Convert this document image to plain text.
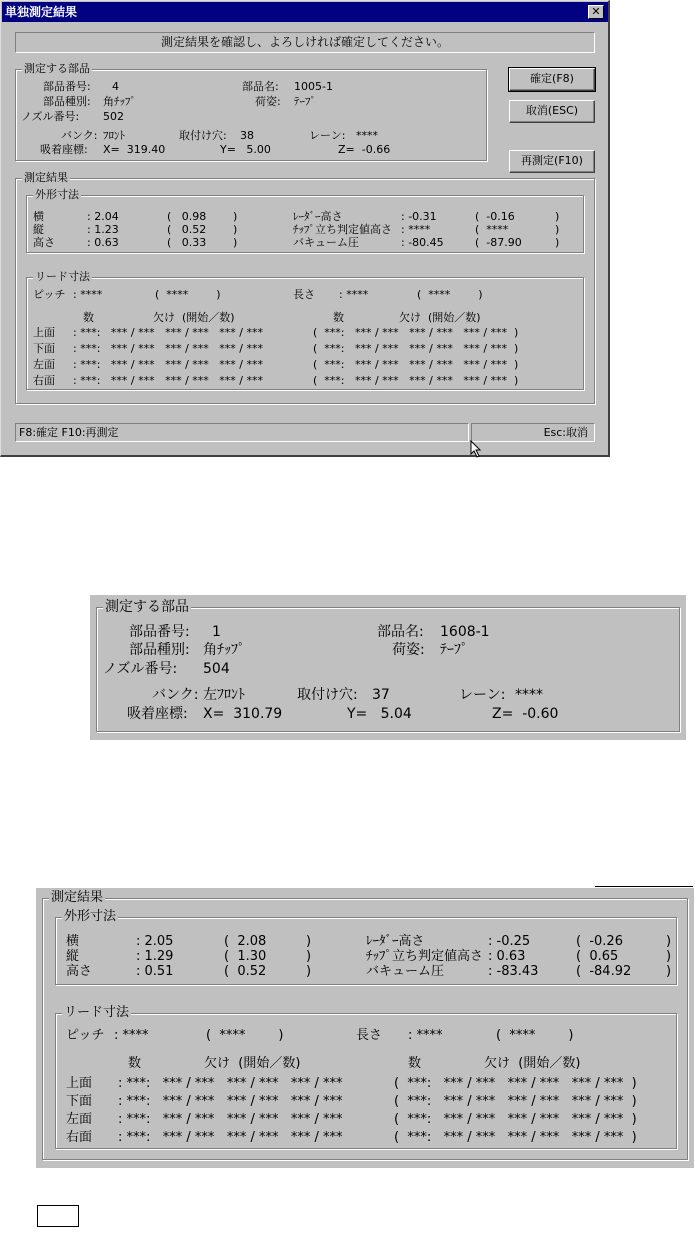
単独測定結果	✕
測定結果を確認し、よろしければ確定してください。
測定する部品
部品番号: 4	部品名: 1005-1
部品種別: 角ﾁｯﾌﾟ	荷姿: ﾃｰﾌﾟ
ノズル番号: 502
バンク: ﾌﾛﾝﾄ	取付け穴: 38	レーン: ****
吸着座標: X=  319.40	Y=   5.00	Z=  -0.66
確定(F8)
取消(ESC)
再測定(F10)
測定結果
外形寸法
横	: 2.04	(   0.98 )	ﾚｰﾀﾞｰ高さ	: -0.31	(  -0.16	)
縦	: 1.23	(   0.52 )	ﾁｯﾌﾟ立ち判定値高さ : ****	(  ****	)
高さ	: 0.63	(   0.33 )	バキューム圧	: -80.45	(  -87.90	)
リード寸法
ピッチ : ****	(  ****        )	長さ : ****	(  ****        )
数	欠け  (開始／数)	数	欠け  (開始／数)
上面 : ***:   *** / ***   *** / ***   *** / ***	(  ***:   *** / ***   *** / ***   *** / ***  )
下面 : ***:   *** / ***   *** / ***   *** / ***	(  ***:   *** / ***   *** / ***   *** / ***  )
左面 : ***:   *** / ***   *** / ***   *** / ***	(  ***:   *** / ***   *** / ***   *** / ***  )
右面 : ***:   *** / ***   *** / ***   *** / ***	(  ***:   *** / ***   *** / ***   *** / ***  )
F8:確定 F10:再測定	Esc:取消
測定する部品
部品番号: 1	部品名: 1608-1
部品種別: 角ﾁｯﾌﾟ	荷姿: ﾃｰﾌﾟ
ノズル番号: 504
バンク: 左ﾌﾛﾝﾄ	取付け穴: 37	レーン: ****
吸着座標: X=  310.79	Y=   5.04	Z=  -0.60
測定結果
外形寸法
横	: 2.05	(  2.08	)	ﾚｰﾀﾞｰ高さ	: -0.25	(  -0.26	)
縦	: 1.29	(  1.30	)	ﾁｯﾌﾟ立ち判定値高さ : 0.63	(  0.65	)
高さ	: 0.51	(  0.52	)	バキューム圧	: -83.43	(  -84.92	)
リード寸法
ピッチ : ****	(  ****        )	長さ : ****	(  ****        )
数	欠け  (開始／数)	数	欠け  (開始／数)
上面 : ***:   *** / ***   *** / ***   *** / ***	(  ***:   *** / ***   *** / ***   *** / ***  )
下面 : ***:   *** / ***   *** / ***   *** / ***	(  ***:   *** / ***   *** / ***   *** / ***  )
左面 : ***:   *** / ***   *** / ***   *** / ***	(  ***:   *** / ***   *** / ***   *** / ***  )
右面 : ***:   *** / ***   *** / ***   *** / ***	(  ***:   *** / ***   *** / ***   *** / ***  )
